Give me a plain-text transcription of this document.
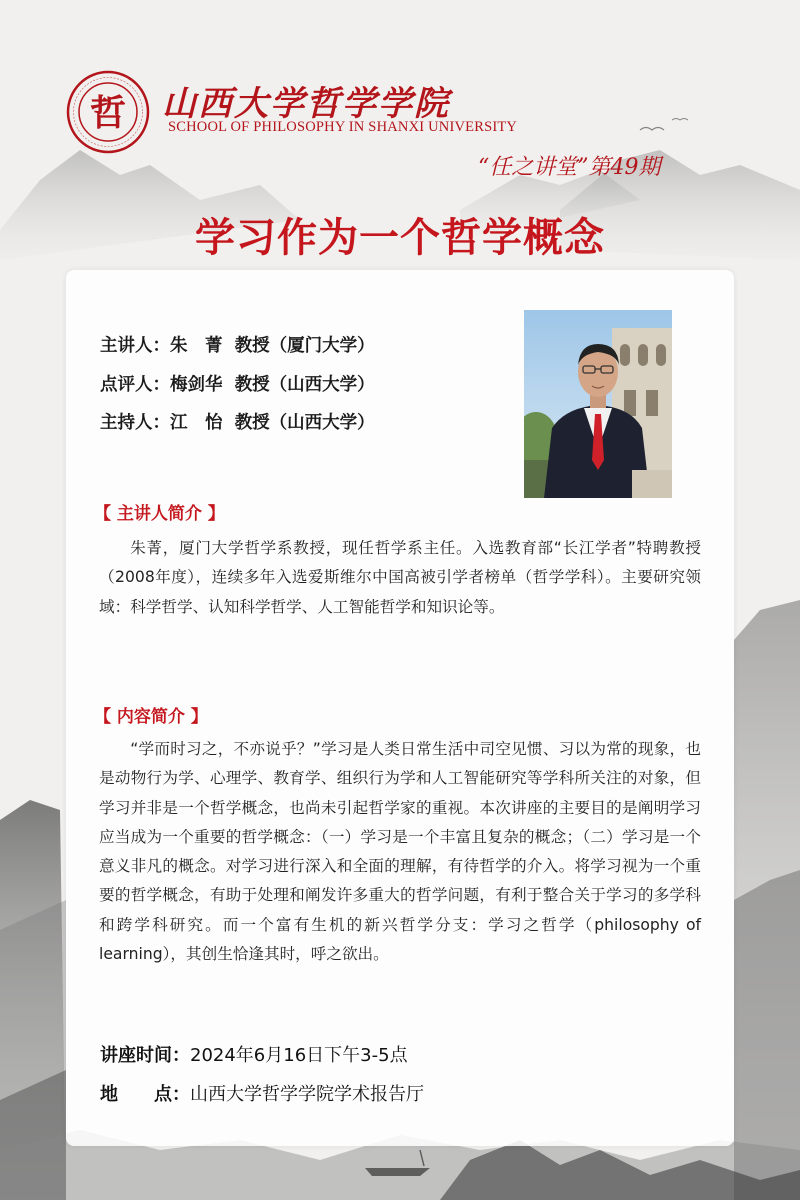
哲 山西大学哲学学院
SCHOOL OF PHILOSOPHY IN SHANXI UNIVERSITY
“任之讲堂”第49期
学习作为一个哲学概念
主讲人：朱　菁 教授（厦门大学）
点评人：梅剑华 教授（山西大学）
主持人：江　怡 教授（山西大学）
【 主讲人简介 】
朱菁，厦门大学哲学系教授，现任哲学系主任。入选教育部“长江学者”特聘教授（2008年度），连续多年入选爱斯维尔中国高被引学者榜单（哲学学科）。主要研究领域：科学哲学、认知科学哲学、人工智能哲学和知识论等。
【 内容简介 】
“学而时习之，不亦说乎？”学习是人类日常生活中司空见惯、习以为常的现象，也是动物行为学、心理学、教育学、组织行为学和人工智能研究等学科所关注的对象，但学习并非是一个哲学概念，也尚未引起哲学家的重视。本次讲座的主要目的是阐明学习应当成为一个重要的哲学概念：（一）学习是一个丰富且复杂的概念；（二）学习是一个意义非凡的概念。对学习进行深入和全面的理解，有待哲学的介入。将学习视为一个重要的哲学概念，有助于处理和阐发许多重大的哲学问题，有利于整合关于学习的多学科和跨学科研究。而一个富有生机的新兴哲学分支：学习之哲学（philosophy of learning），其创生恰逢其时，呼之欲出。
讲座时间：2024年6月16日下午3-5点
地　　点：山西大学哲学学院学术报告厅
